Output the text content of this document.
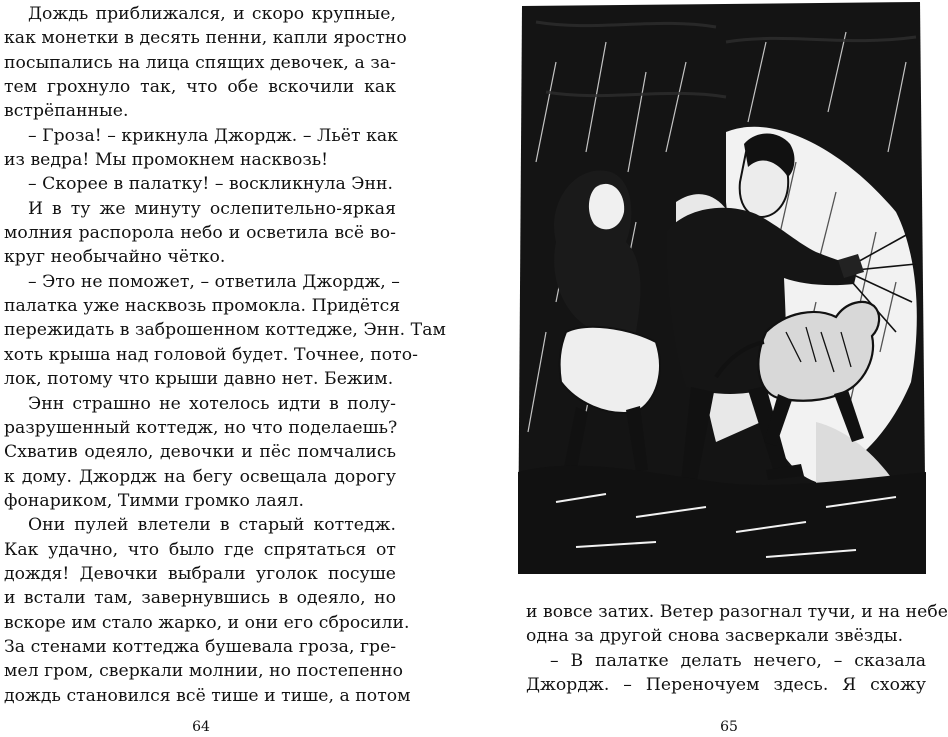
Дождь приближался, и скоро крупные,
как монетки в десять пенни, капли яростно
посыпались на лица спящих девочек, а за-
тем грохнуло так, что обе вскочили как
встрёпанные.
– Гроза! – крикнула Джордж. – Льёт как
из ведра! Мы промокнем насквозь!
– Скорее в палатку! – воскликнула Энн.
И в ту же минуту ослепительно-яркая
молния распорола небо и осветила всё во-
круг необычайно чётко.
– Это не поможет, – ответила Джордж, –
палатка уже насквозь промокла. Придётся
пережидать в заброшенном коттедже, Энн. Там
хоть крыша над головой будет. Точнее, пото-
лок, потому что крыши давно нет. Бежим.
Энн страшно не хотелось идти в полу-
разрушенный коттедж, но что поделаешь?
Схватив одеяло, девочки и пёс помчались
к дому. Джордж на бегу освещала дорогу
фонариком, Тимми громко лаял.
Они пулей влетели в старый коттедж.
Как удачно, что было где спрятаться от
дождя! Девочки выбрали уголок посуше
и встали там, завернувшись в одеяло, но
вскоре им стало жарко, и они его сбросили.
За стенами коттеджа бушевала гроза, гре-
мел гром, сверкали молнии, но постепенно
дождь становился всё тише и тише, а потом
64
и вовсе затих. Ветер разогнал тучи, и на небе
одна за другой снова засверкали звёзды.
– В палатке делать нечего, – сказала
Джордж. – Переночуем здесь. Я схожу
65
